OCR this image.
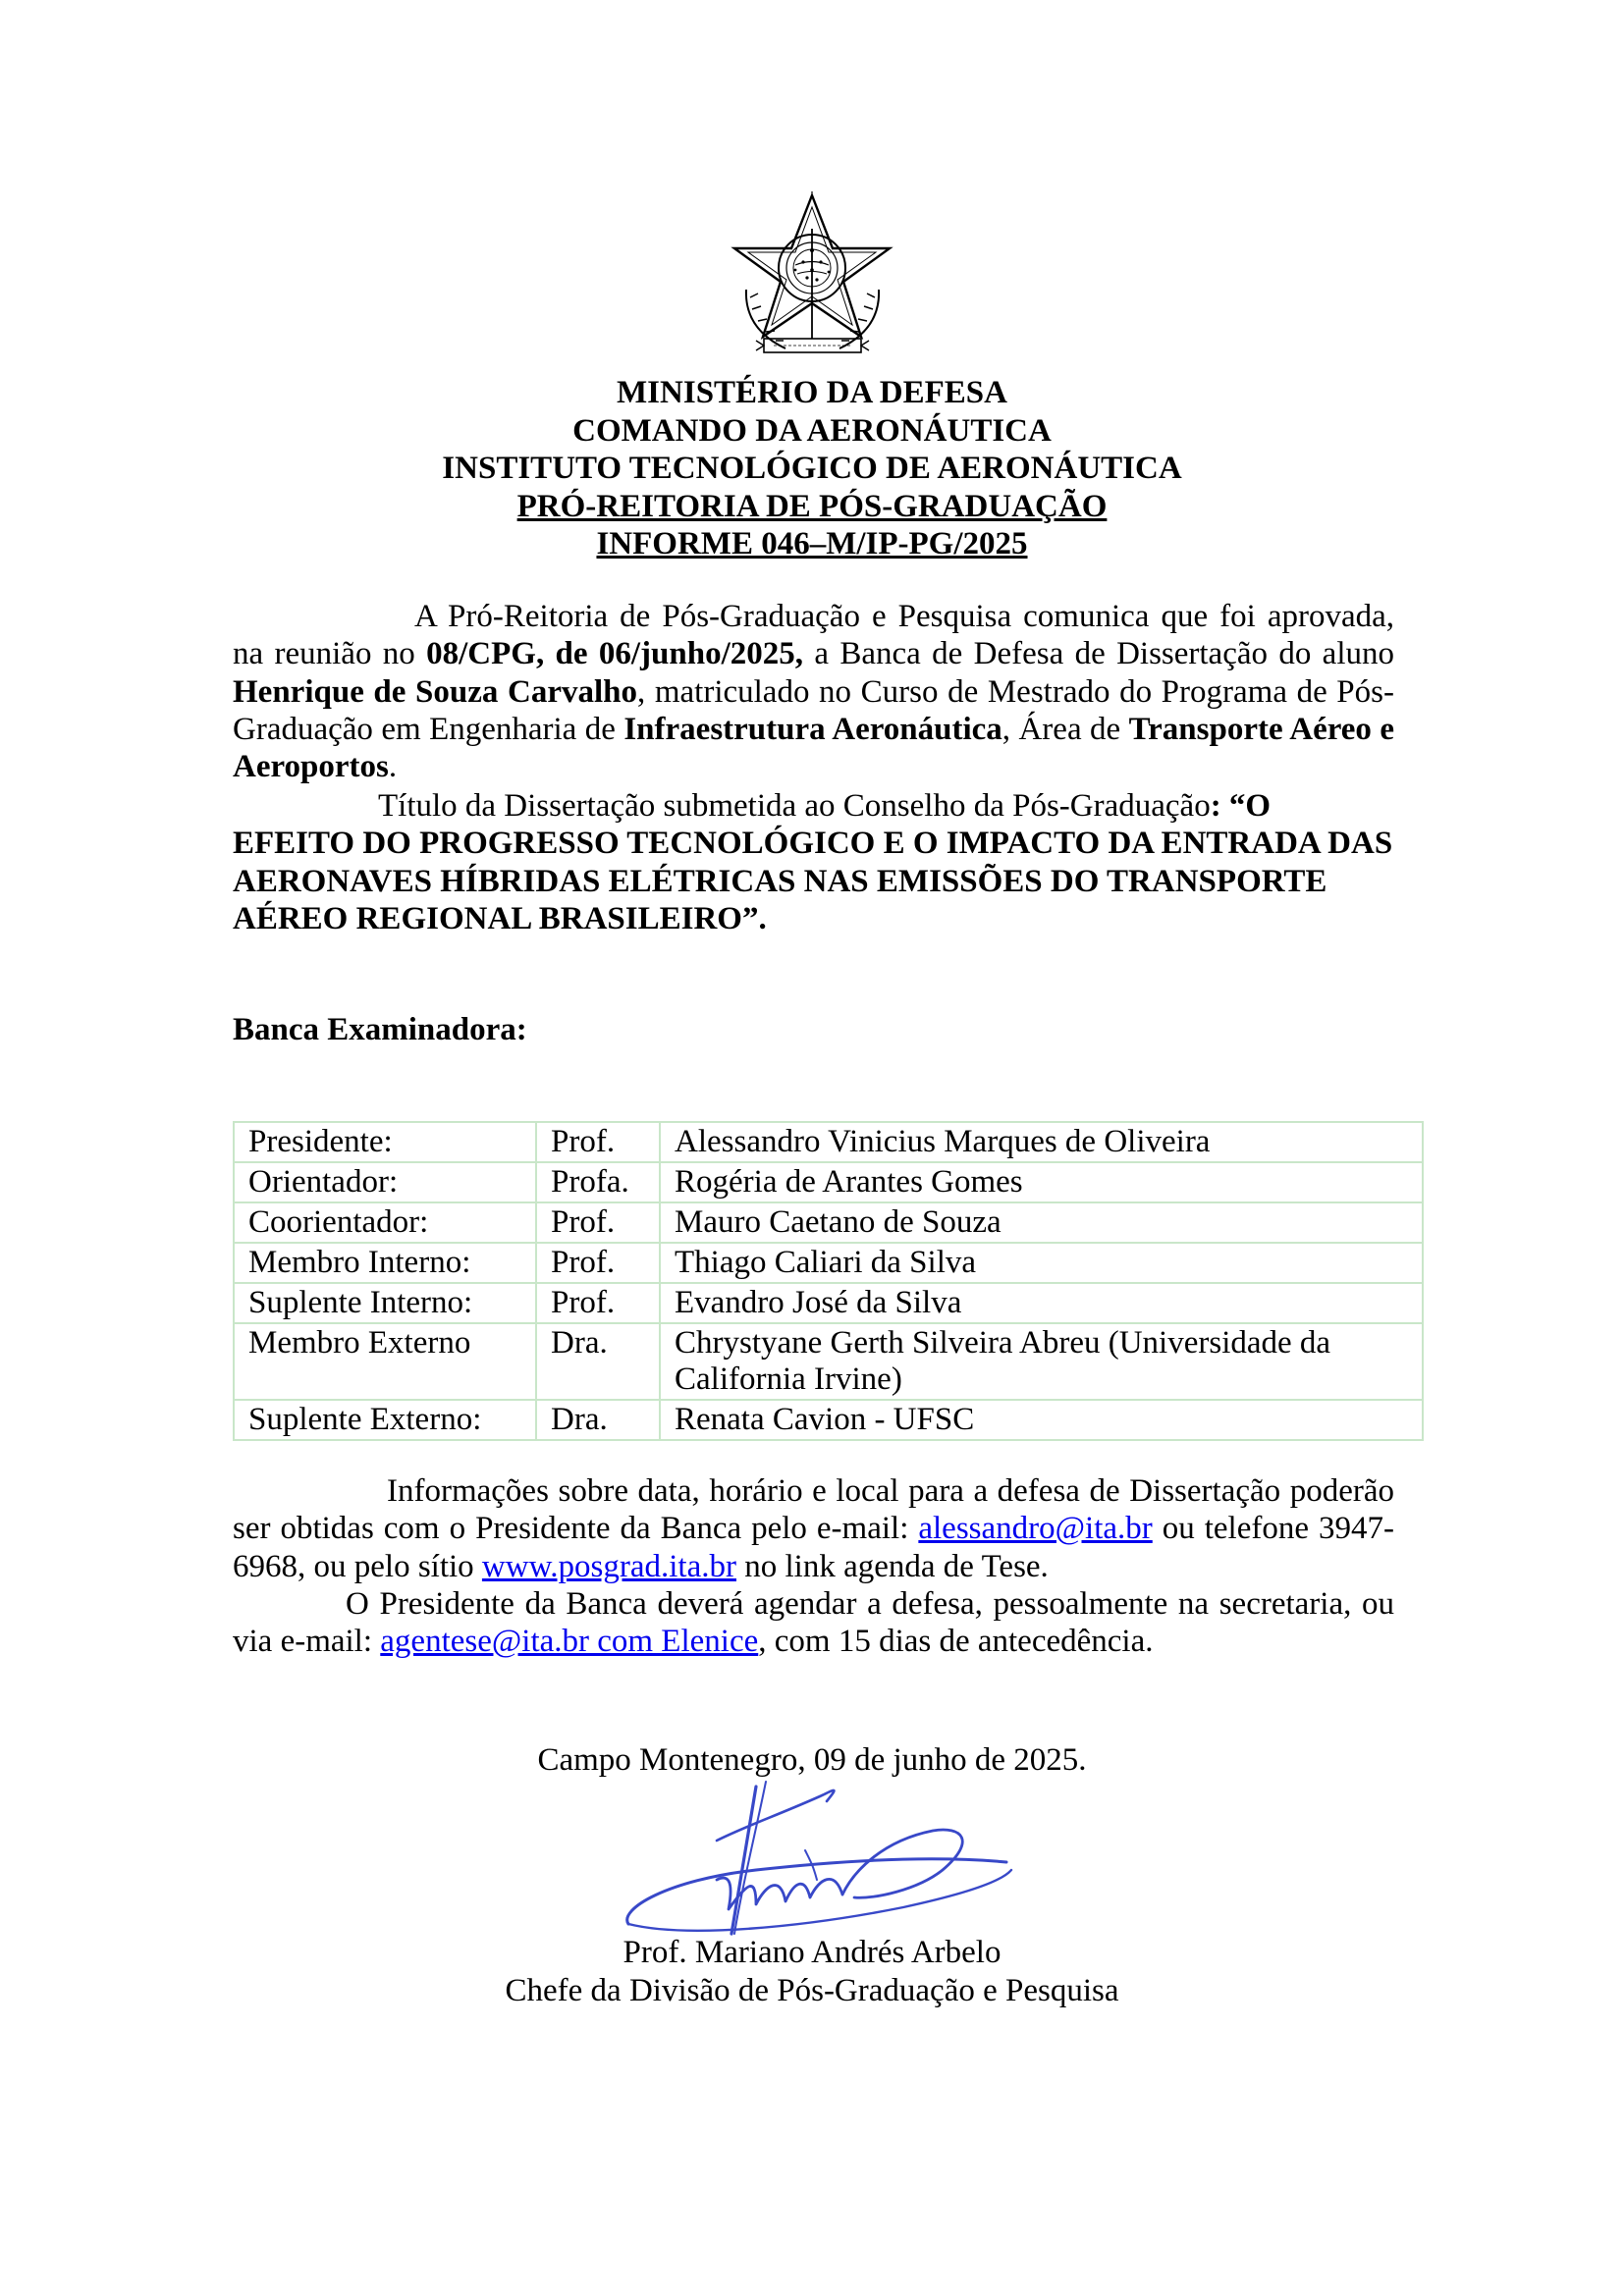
MINISTÉRIO DA DEFESA
COMANDO DA AERONÁUTICA
INSTITUTO TECNOLÓGICO DE AERONÁUTICA
PRÓ-REITORIA DE PÓS-GRADUAÇÃO
INFORME 046–M/IP-PG/2025
A Pró-Reitoria de Pós-Graduação e Pesquisa comunica que foi aprovada, na reunião no 08/CPG, de 06/junho/2025, a Banca de Defesa de Dissertação do aluno Henrique de Souza Carvalho, matriculado no Curso de Mestrado do Programa de Pós-Graduação em Engenharia de Infraestrutura Aeronáutica, Área de Transporte Aéreo e Aeroportos.
Título da Dissertação submetida ao Conselho da Pós-Graduação: “O EFEITO DO PROGRESSO TECNOLÓGICO E O IMPACTO DA ENTRADA DAS AERONAVES HÍBRIDAS ELÉTRICAS NAS EMISSÕES DO TRANSPORTE AÉREO REGIONAL BRASILEIRO”.
Banca Examinadora:
Presidente:	Prof.	Alessandro Vinicius Marques de Oliveira
Orientador:	Profa.	Rogéria de Arantes Gomes
Coorientador:	Prof.	Mauro Caetano de Souza
Membro Interno:	Prof.	Thiago Caliari da Silva
Suplente Interno:	Prof.	Evandro José da Silva
Membro Externo	Dra.	Chrystyane Gerth Silveira Abreu (Universidade da California Irvine)
Suplente Externo:	Dra.	Renata Cavion - UFSC
Informações sobre data, horário e local para a defesa de Dissertação poderão ser obtidas com o Presidente da Banca pelo e-mail: alessandro@ita.br ou telefone 3947-6968, ou pelo sítio www.posgrad.ita.br no link agenda de Tese.
O Presidente da Banca deverá agendar a defesa, pessoalmente na secretaria, ou via e-mail: agentese@ita.br com Elenice, com 15 dias de antecedência.
Campo Montenegro, 09 de junho de 2025.
Prof. Mariano Andrés Arbelo
Chefe da Divisão de Pós-Graduação e Pesquisa
